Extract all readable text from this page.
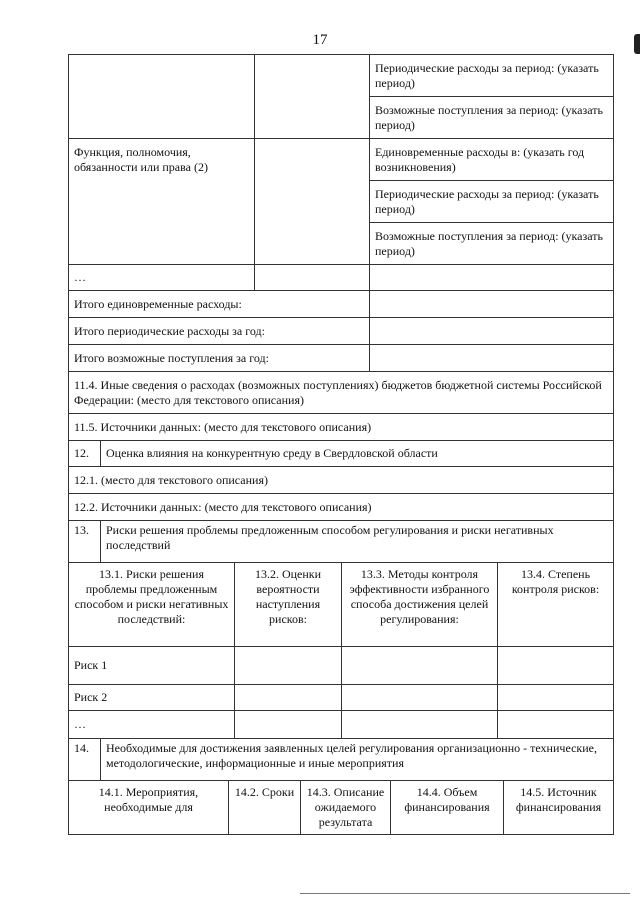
17
		Периодические расходы за период: (указать период)
		Возможные поступления за период: (указать период)
Функция, полномочия, обязанности или права (2)		Единовременные расходы в: (указать год возникновения)
		Периодические расходы за период: (указать период)
		Возможные поступления за период: (указать период)
…		
Итого единовременные расходы:		
Итого периодические расходы за год:		
Итого возможные поступления за год:		
11.4. Иные сведения о расходах (возможных поступлениях) бюджетов бюджетной системы Российской Федерации: (место для текстового описания)		
11.5. Источники данных: (место для текстового описания)		
12.	Оценка влияния на конкурентную среду в Свердловской области
12.1. (место для текстового описания)
12.2. Источники данных: (место для текстового описания)
13.	Риски решения проблемы предложенным способом регулирования и риски негативных последствий			
13.1. Риски решения проблемы предложенным способом и риски негативных последствий:		13.2. Оценки вероятности наступления рисков:	13.3. Методы контроля эффективности избранного способа достижения целей регулирования:	13.4. Степень контроля рисков:
Риск 1				
Риск 2				
…				
14.	Необходимые для достижения заявленных целей регулирования организационно - технические, методологические, информационные и иные мероприятия				
14.1. Мероприятия, необходимые для		14.2. Сроки	14.3. Описание ожидаемого результата	14.4. Объем финансирования	14.5. Источник финансирования
